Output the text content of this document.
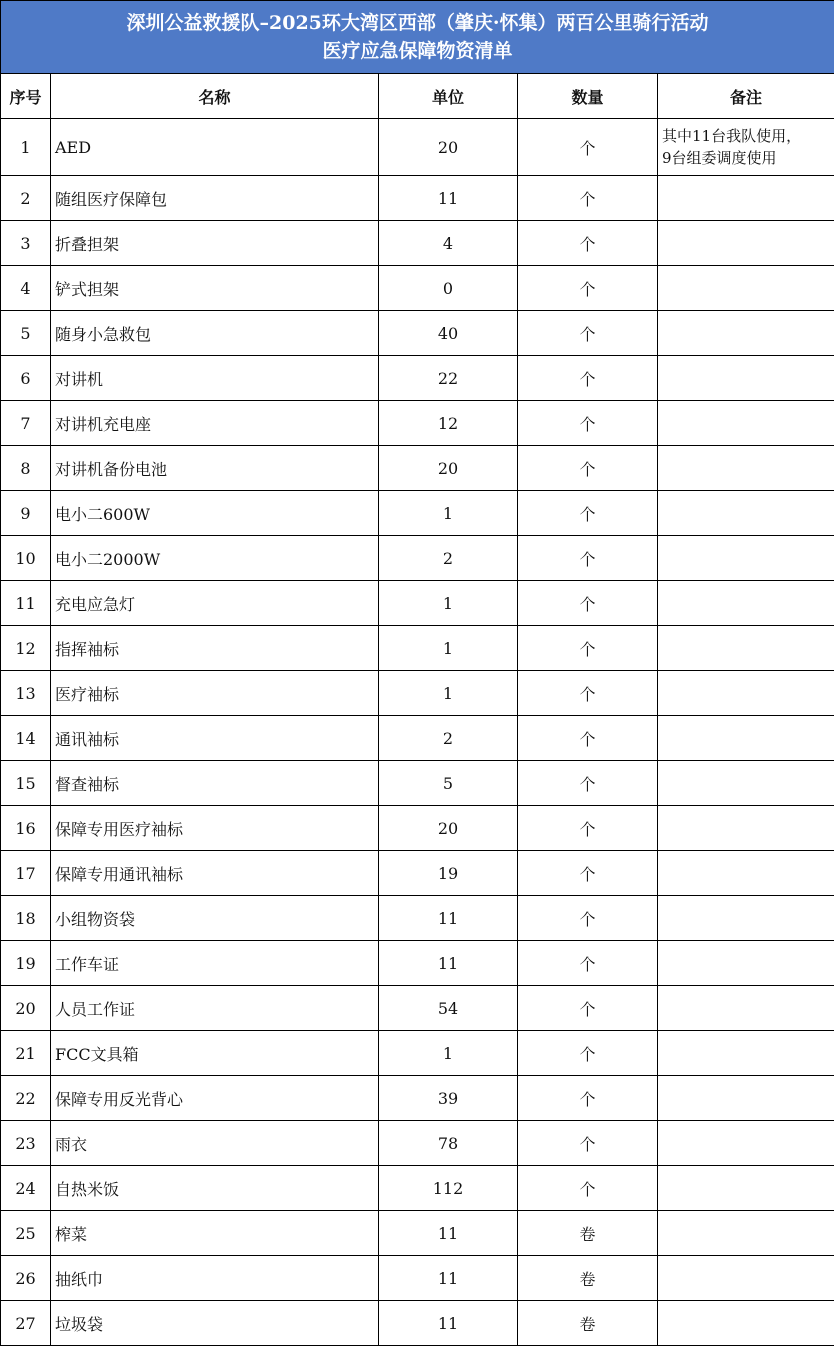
深圳公益救援队–2025环大湾区西部（肇庆·怀集）两百公里骑行活动
医疗应急保障物资清单				

序号	名称	单位	数量	备注
1	AED	20	个	其中11台我队使用，
9台组委调度使用

2	随组医疗保障包	11	个	
3	折叠担架	4	个	
4	铲式担架	0	个	
5	随身小急救包	40	个	
6	对讲机	22	个	
7	对讲机充电座	12	个	
8	对讲机备份电池	20	个	
9	电小二600W	1	个	
10	电小二2000W	2	个	
11	充电应急灯	1	个	
12	指挥袖标	1	个	
13	医疗袖标	1	个	
14	通讯袖标	2	个	
15	督查袖标	5	个	
16	保障专用医疗袖标	20	个	
17	保障专用通讯袖标	19	个	
18	小组物资袋	11	个	
19	工作车证	11	个	
20	人员工作证	54	个	
21	FCC文具箱	1	个	
22	保障专用反光背心	39	个	
23	雨衣	78	个	
24	自热米饭	112	个	
25	榨菜	11	卷	
26	抽纸巾	11	卷	
27	垃圾袋	11	卷	
